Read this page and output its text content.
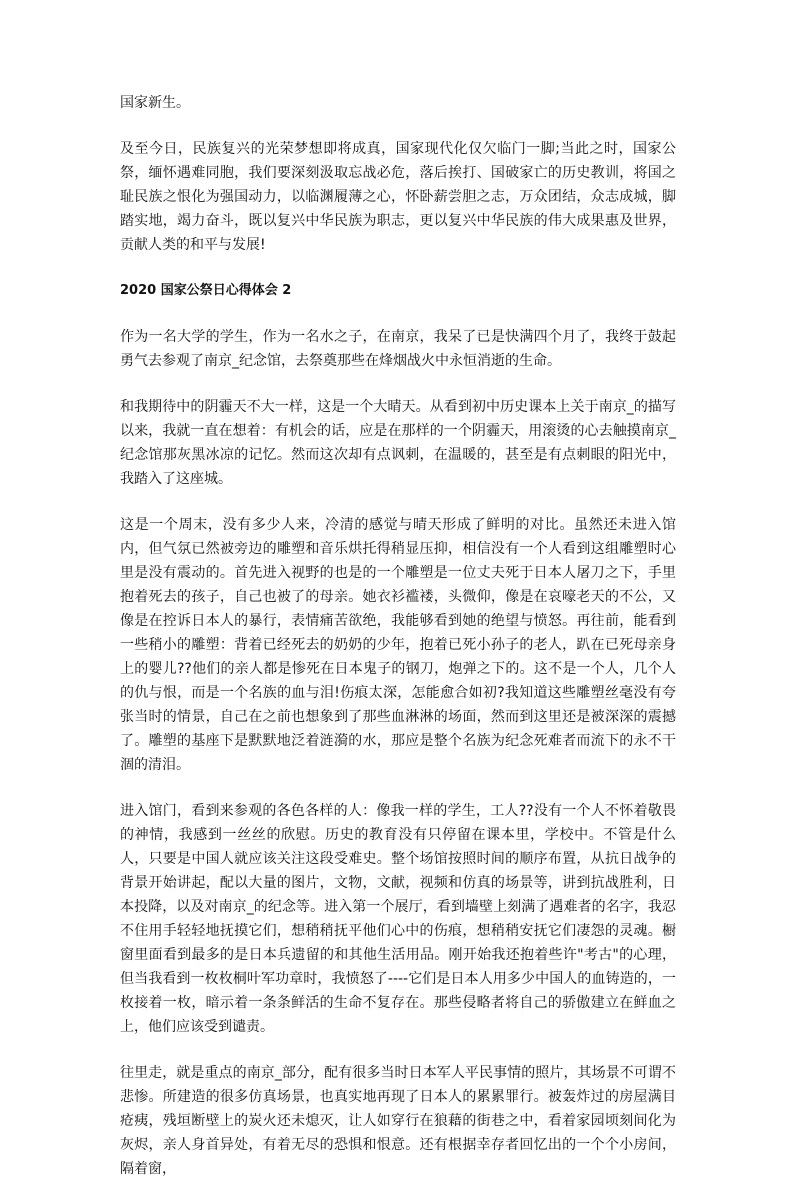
国家新生。

及至今日，民族复兴的光荣梦想即将成真，国家现代化仅欠临门一脚;当此之时，国家公祭，缅怀遇难同胞，我们要深刻汲取忘战必危，落后挨打、国破家亡的历史教训，将国之耻民族之恨化为强国动力，以临渊履薄之心，怀卧薪尝胆之志，万众团结，众志成城，脚踏实地，竭力奋斗，既以复兴中华民族为职志，更以复兴中华民族的伟大成果惠及世界，贡献人类的和平与发展!

2020 国家公祭日心得体会 2

作为一名大学的学生，作为一名水之子，在南京，我呆了已是快满四个月了，我终于鼓起勇气去参观了南京_纪念馆，去祭奠那些在烽烟战火中永恒消逝的生命。

和我期待中的阴霾天不大一样，这是一个大晴天。从看到初中历史课本上关于南京_的描写以来，我就一直在想着：有机会的话，应是在那样的一个阴霾天，用滚烫的心去触摸南京_纪念馆那灰黑冰凉的记忆。然而这次却有点讽刺，在温暖的，甚至是有点刺眼的阳光中，我踏入了这座城。

这是一个周末，没有多少人来，冷清的感觉与晴天形成了鲜明的对比。虽然还未进入馆内，但气氛已然被旁边的雕塑和音乐烘托得稍显压抑，相信没有一个人看到这组雕塑时心里是没有震动的。首先进入视野的也是的一个雕塑是一位丈夫死于日本人屠刀之下，手里抱着死去的孩子，自己也被了的母亲。她衣衫褴褛，头微仰，像是在哀嚎老天的不公，又像是在控诉日本人的暴行，表情痛苦欲绝，我能够看到她的绝望与愤怒。再往前，能看到一些稍小的雕塑：背着已经死去的奶奶的少年，抱着已死小孙子的老人，趴在已死母亲身上的婴儿??他们的亲人都是惨死在日本鬼子的钢刀，炮弹之下的。这不是一个人，几个人的仇与恨，而是一个名族的血与泪!伤痕太深，怎能愈合如初?我知道这些雕塑丝毫没有夸张当时的情景，自己在之前也想象到了那些血淋淋的场面，然而到这里还是被深深的震撼了。雕塑的基座下是默默地泛着涟漪的水，那应是整个名族为纪念死难者而流下的永不干涸的清泪。

进入馆门，看到来参观的各色各样的人：像我一样的学生，工人??没有一个人不怀着敬畏的神情，我感到一丝丝的欣慰。历史的教育没有只停留在课本里，学校中。不管是什么人，只要是中国人就应该关注这段受难史。整个场馆按照时间的顺序布置，从抗日战争的背景开始讲起，配以大量的图片，文物，文献，视频和仿真的场景等，讲到抗战胜利，日本投降，以及对南京_的纪念等。进入第一个展厅，看到墙壁上刻满了遇难者的名字，我忍不住用手轻轻地抚摸它们，想稍稍抚平他们心中的伤痕，想稍稍安抚它们凄怨的灵魂。橱窗里面看到最多的是日本兵遗留的和其他生活用品。刚开始我还抱着些许"考古"的心理，但当我看到一枚枚桐叶军功章时，我愤怒了----它们是日本人用多少中国人的血铸造的，一枚接着一枚，暗示着一条条鲜活的生命不复存在。那些侵略者将自己的骄傲建立在鲜血之上，他们应该受到谴责。

往里走，就是重点的南京_部分，配有很多当时日本军人平民事情的照片，其场景不可谓不悲惨。所建造的很多仿真场景，也真实地再现了日本人的累累罪行。被轰炸过的房屋满目疮痍，残垣断壁上的炭火还未熄灭，让人如穿行在狼藉的街巷之中，看着家园顷刻间化为灰烬，亲人身首异处，有着无尽的恐惧和恨意。还有根据幸存者回忆出的一个个小房间，隔着窗，
